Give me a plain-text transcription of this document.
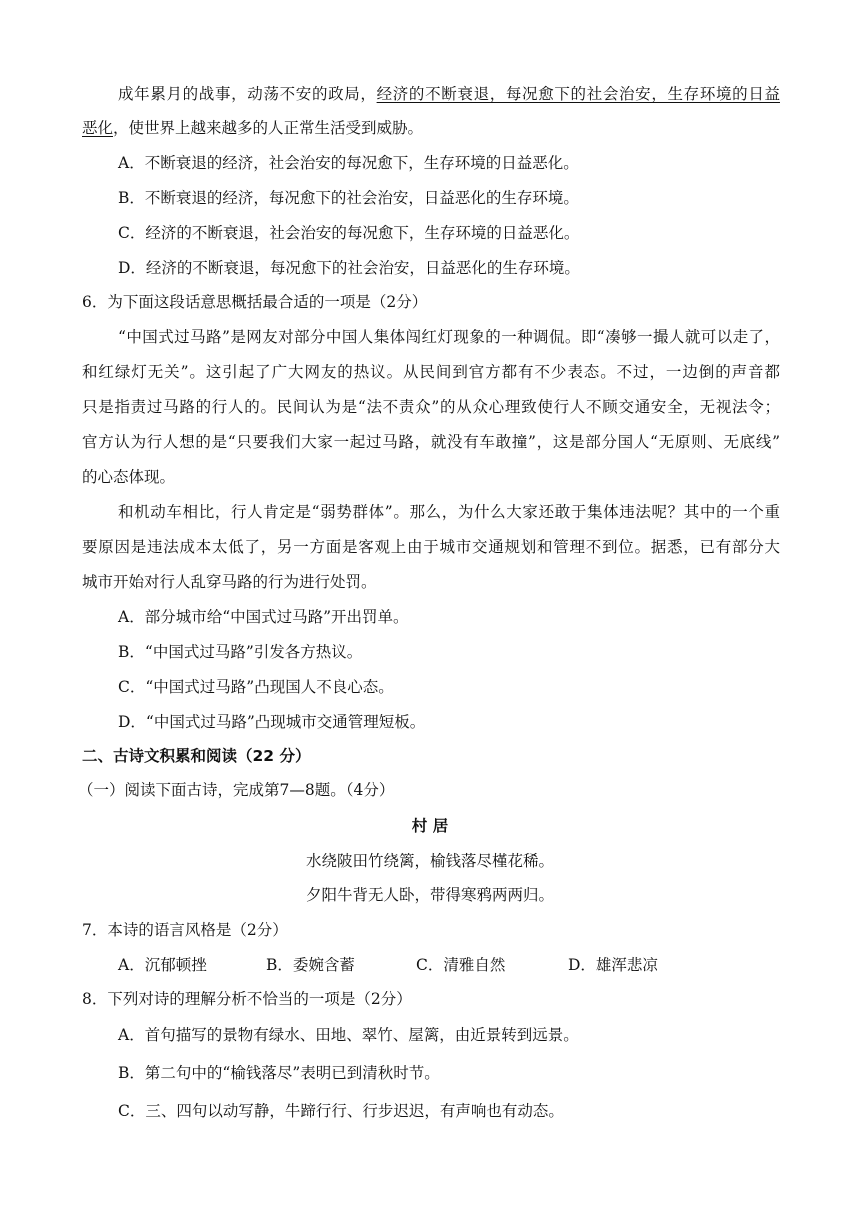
成年累月的战事，动荡不安的政局，经济的不断衰退，每况愈下的社会治安，生存环境的日益
恶化，使世界上越来越多的人正常生活受到威胁。
A．不断衰退的经济，社会治安的每况愈下，生存环境的日益恶化。
B．不断衰退的经济，每况愈下的社会治安，日益恶化的生存环境。
C．经济的不断衰退，社会治安的每况愈下，生存环境的日益恶化。
D．经济的不断衰退，每况愈下的社会治安，日益恶化的生存环境。
6．为下面这段话意思概括最合适的一项是（2分）
“中国式过马路”是网友对部分中国人集体闯红灯现象的一种调侃。即“凑够一撮人就可以走了，
和红绿灯无关”。这引起了广大网友的热议。从民间到官方都有不少表态。不过，一边倒的声音都
只是指责过马路的行人的。民间认为是“法不责众”的从众心理致使行人不顾交通安全，无视法令；
官方认为行人想的是“只要我们大家一起过马路，就没有车敢撞”，这是部分国人“无原则、无底线”
的心态体现。
和机动车相比，行人肯定是“弱势群体”。那么，为什么大家还敢于集体违法呢？其中的一个重
要原因是违法成本太低了，另一方面是客观上由于城市交通规划和管理不到位。据悉，已有部分大
城市开始对行人乱穿马路的行为进行处罚。
A．部分城市给“中国式过马路”开出罚单。
B．“中国式过马路”引发各方热议。
C．“中国式过马路”凸现国人不良心态。
D．“中国式过马路”凸现城市交通管理短板。
二、古诗文积累和阅读（22 分）
（一）阅读下面古诗，完成第7—8题。（4分）
村 居
水绕陂田竹绕篱，榆钱落尽槿花稀。
夕阳牛背无人卧，带得寒鸦两两归。
7．本诗的语言风格是（2分）
A．沉郁顿挫	B．委婉含蓄	C．清雅自然	D．雄浑悲凉
8．下列对诗的理解分析不恰当的一项是（2分）
A．首句描写的景物有绿水、田地、翠竹、屋篱，由近景转到远景。
B．第二句中的“榆钱落尽”表明已到清秋时节。
C．三、四句以动写静，牛蹄行行、行步迟迟，有声响也有动态。
